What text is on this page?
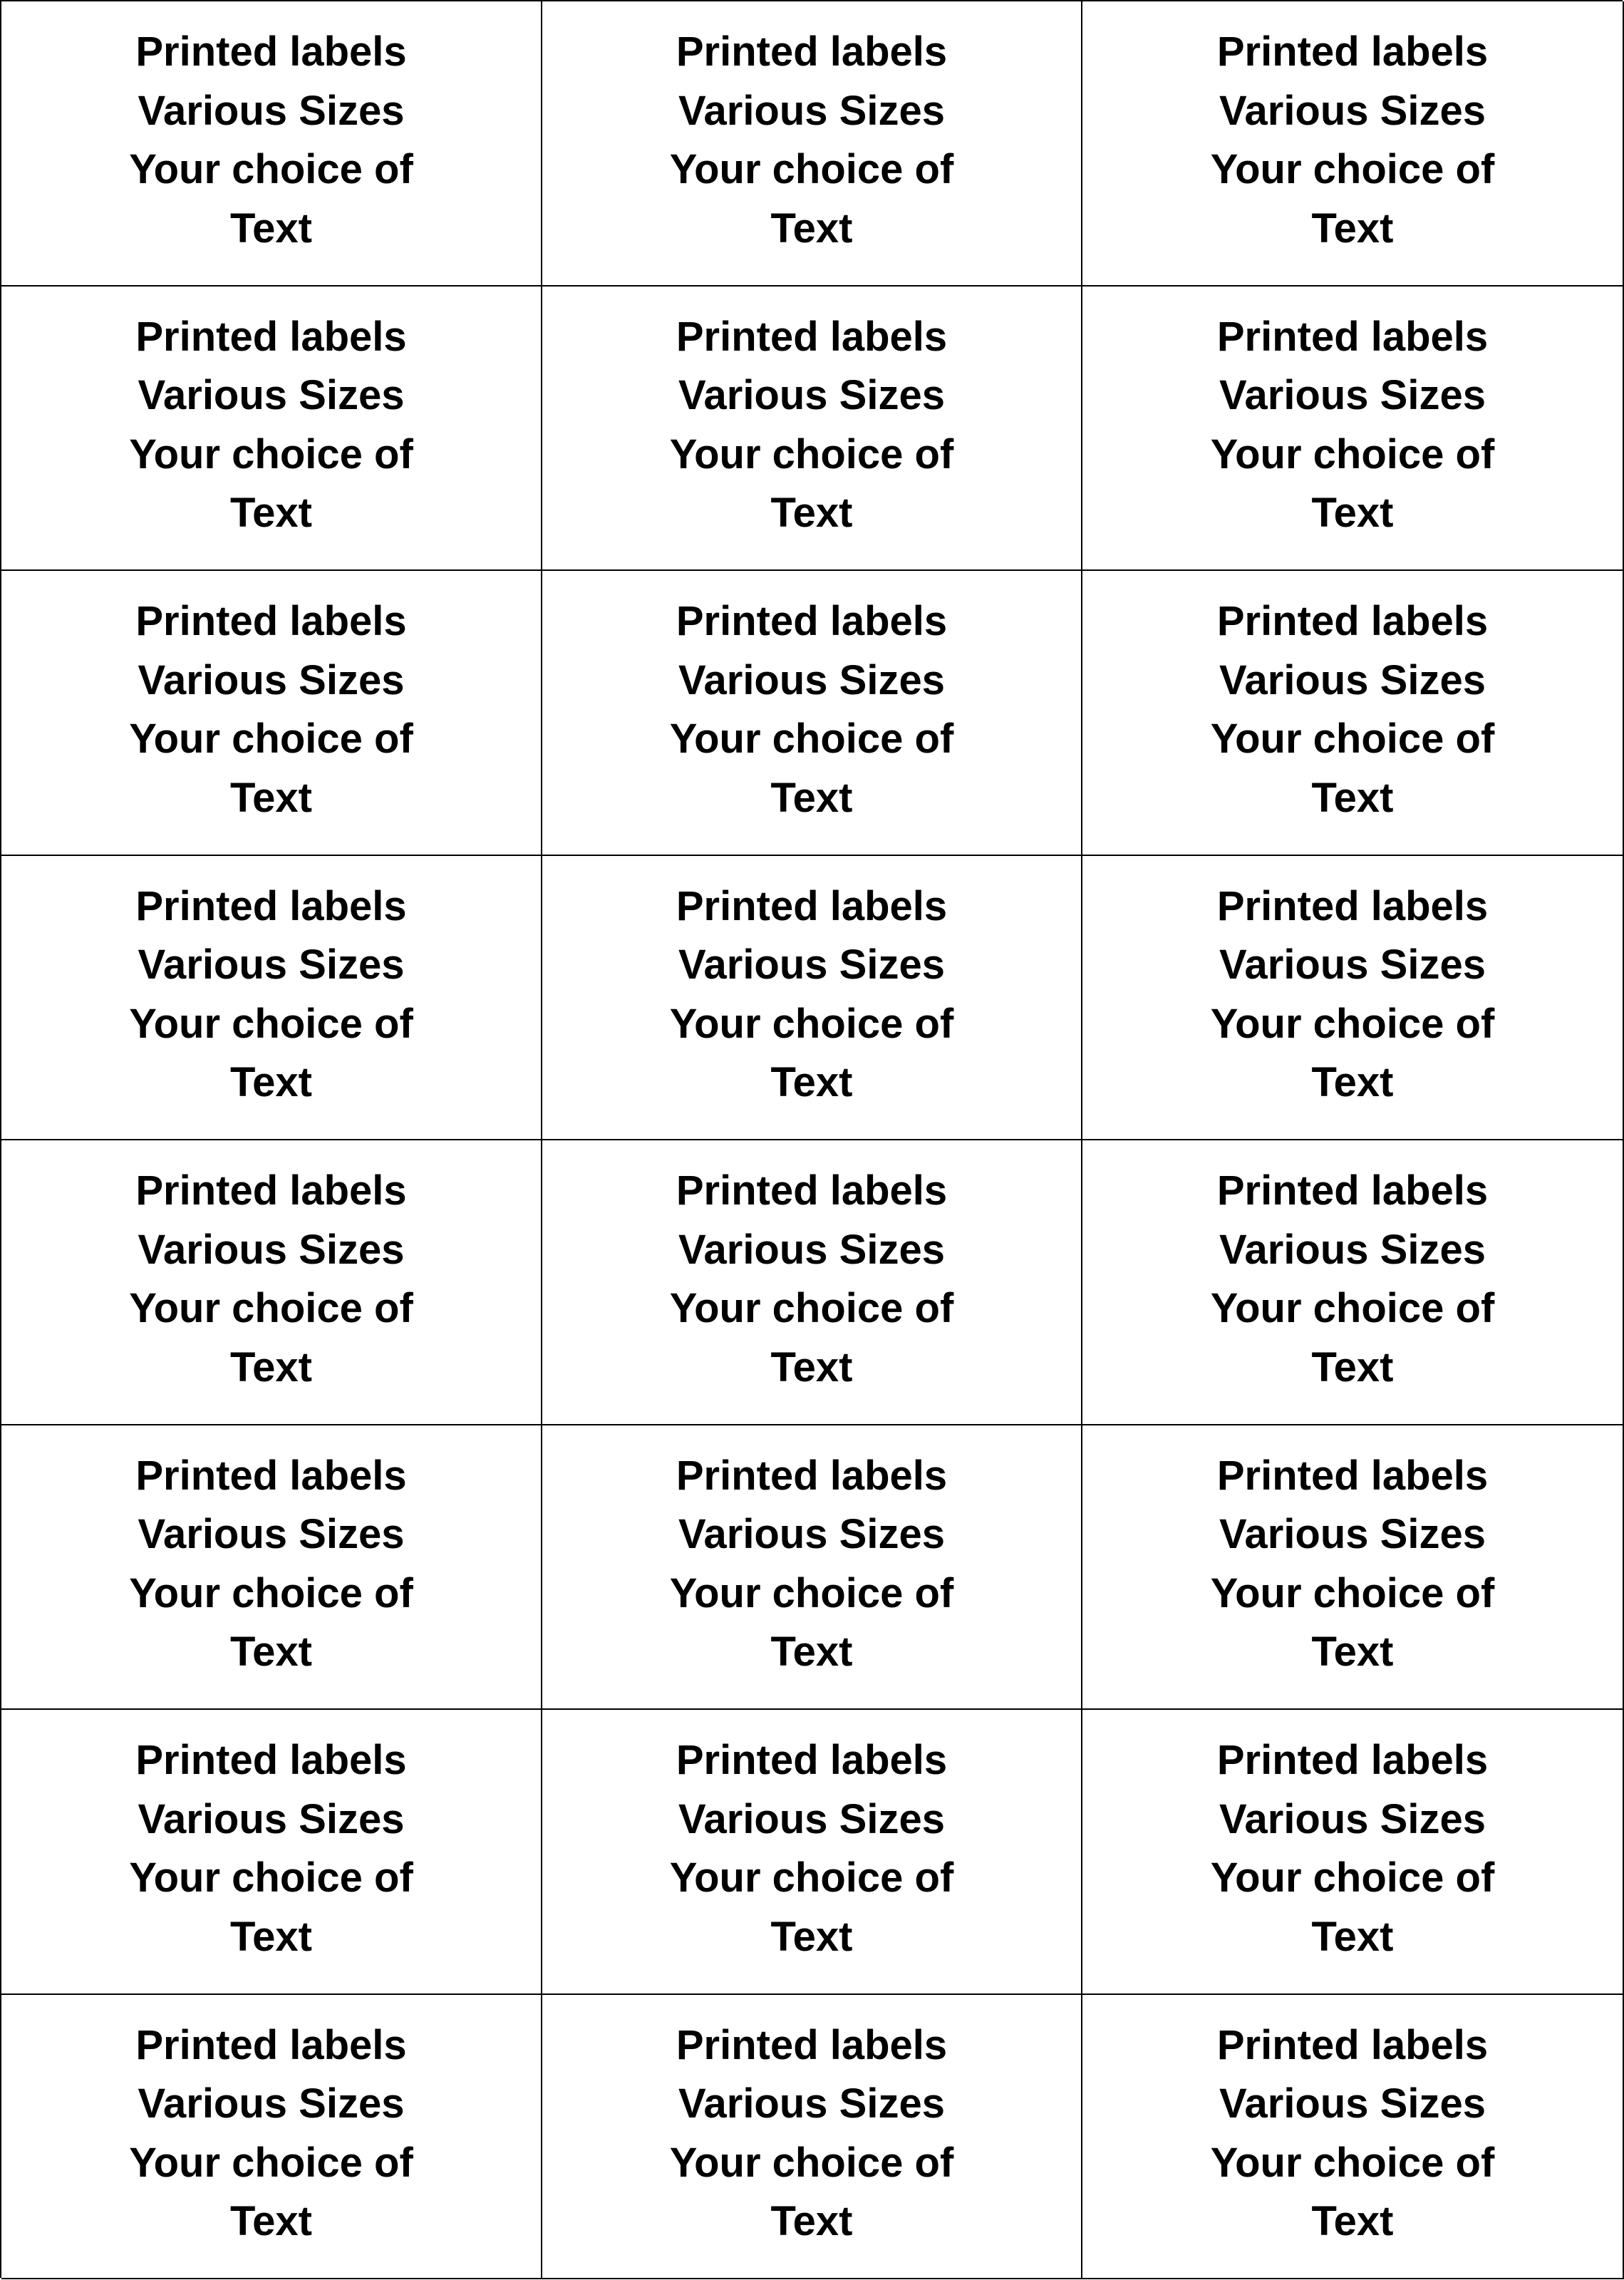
Printed labels
Various Sizes
Your choice of
Text
Printed labels
Various Sizes
Your choice of
Text
Printed labels
Various Sizes
Your choice of
Text
Printed labels
Various Sizes
Your choice of
Text
Printed labels
Various Sizes
Your choice of
Text
Printed labels
Various Sizes
Your choice of
Text
Printed labels
Various Sizes
Your choice of
Text
Printed labels
Various Sizes
Your choice of
Text
Printed labels
Various Sizes
Your choice of
Text
Printed labels
Various Sizes
Your choice of
Text
Printed labels
Various Sizes
Your choice of
Text
Printed labels
Various Sizes
Your choice of
Text
Printed labels
Various Sizes
Your choice of
Text
Printed labels
Various Sizes
Your choice of
Text
Printed labels
Various Sizes
Your choice of
Text
Printed labels
Various Sizes
Your choice of
Text
Printed labels
Various Sizes
Your choice of
Text
Printed labels
Various Sizes
Your choice of
Text
Printed labels
Various Sizes
Your choice of
Text
Printed labels
Various Sizes
Your choice of
Text
Printed labels
Various Sizes
Your choice of
Text
Printed labels
Various Sizes
Your choice of
Text
Printed labels
Various Sizes
Your choice of
Text
Printed labels
Various Sizes
Your choice of
Text
